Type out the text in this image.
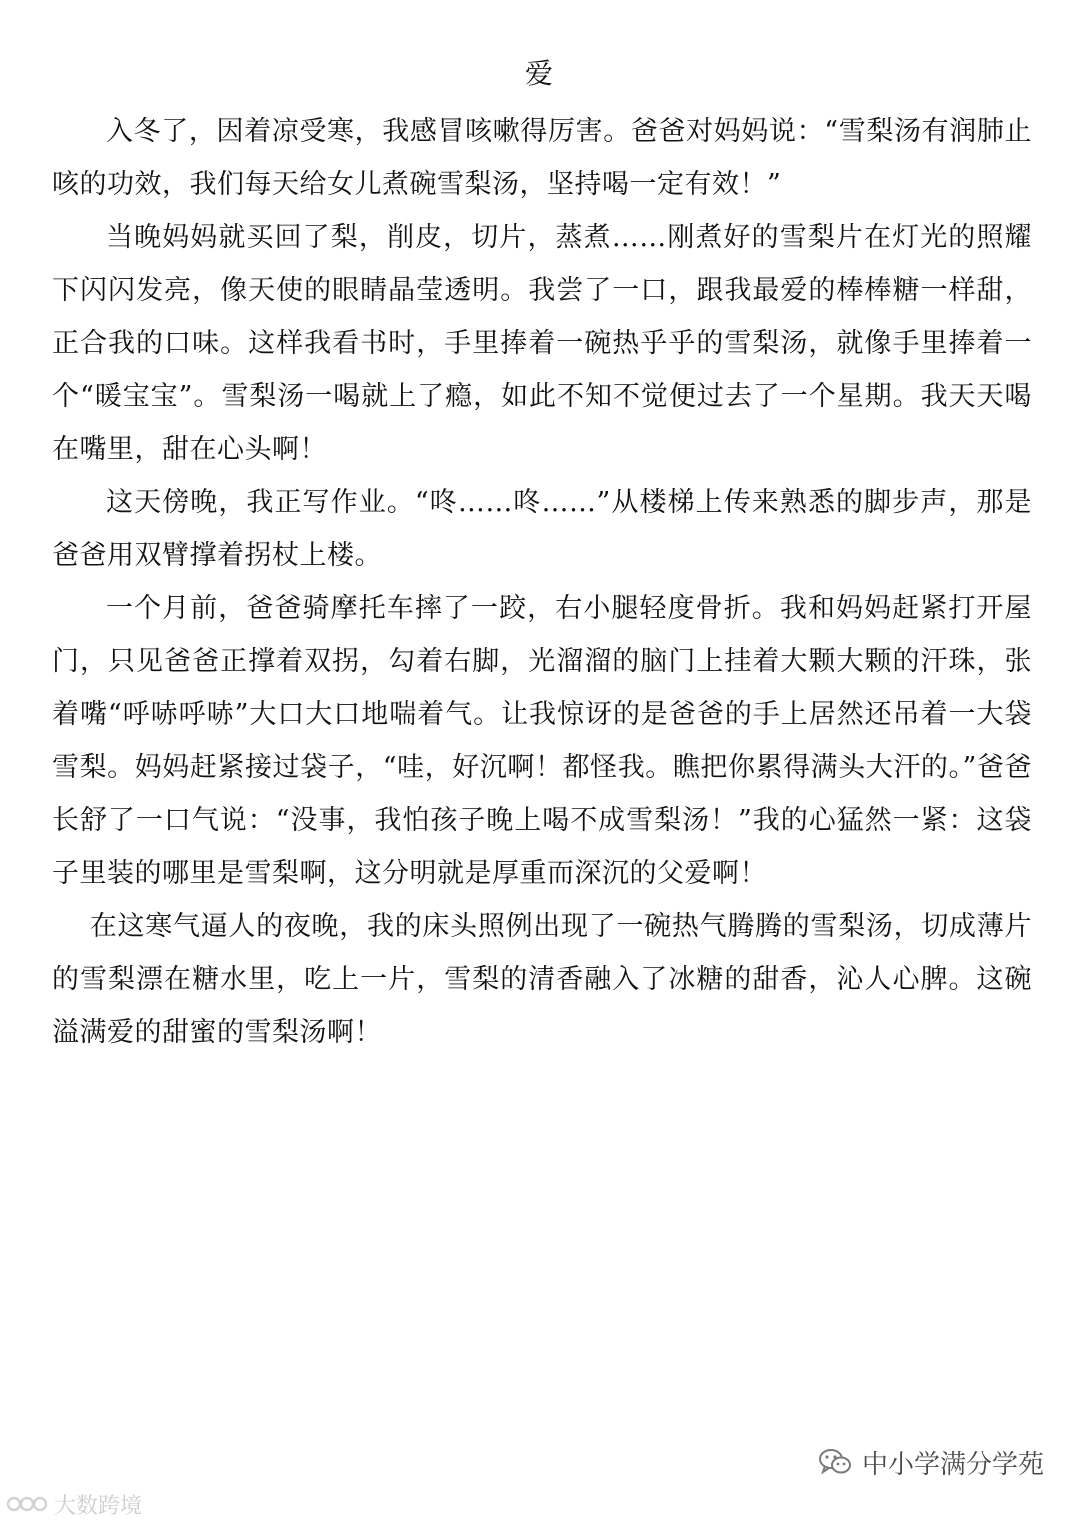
爱

入冬了，因着凉受寒，我感冒咳嗽得厉害。爸爸对妈妈说：“雪梨汤有润肺止咳的功效，我们每天给女儿煮碗雪梨汤，坚持喝一定有效！”

当晚妈妈就买回了梨，削皮，切片，蒸煮……刚煮好的雪梨片在灯光的照耀下闪闪发亮，像天使的眼睛晶莹透明。我尝了一口，跟我最爱的棒棒糖一样甜，正合我的口味。这样我看书时，手里捧着一碗热乎乎的雪梨汤，就像手里捧着一个“暖宝宝”。雪梨汤一喝就上了瘾，如此不知不觉便过去了一个星期。我天天喝在嘴里，甜在心头啊！

这天傍晚，我正写作业。“咚……咚……”从楼梯上传来熟悉的脚步声，那是爸爸用双臂撑着拐杖上楼。

一个月前，爸爸骑摩托车摔了一跤，右小腿轻度骨折。我和妈妈赶紧打开屋门，只见爸爸正撑着双拐，勾着右脚，光溜溜的脑门上挂着大颗大颗的汗珠，张着嘴“呼哧呼哧”大口大口地喘着气。让我惊讶的是爸爸的手上居然还吊着一大袋雪梨。妈妈赶紧接过袋子，“哇，好沉啊！都怪我。瞧把你累得满头大汗的。”爸爸长舒了一口气说：“没事，我怕孩子晚上喝不成雪梨汤！”我的心猛然一紧：这袋子里装的哪里是雪梨啊，这分明就是厚重而深沉的父爱啊！

在这寒气逼人的夜晚，我的床头照例出现了一碗热气腾腾的雪梨汤，切成薄片的雪梨漂在糖水里，吃上一片，雪梨的清香融入了冰糖的甜香，沁人心脾。这碗溢满爱的甜蜜的雪梨汤啊！

中小学满分学苑
大数跨境
